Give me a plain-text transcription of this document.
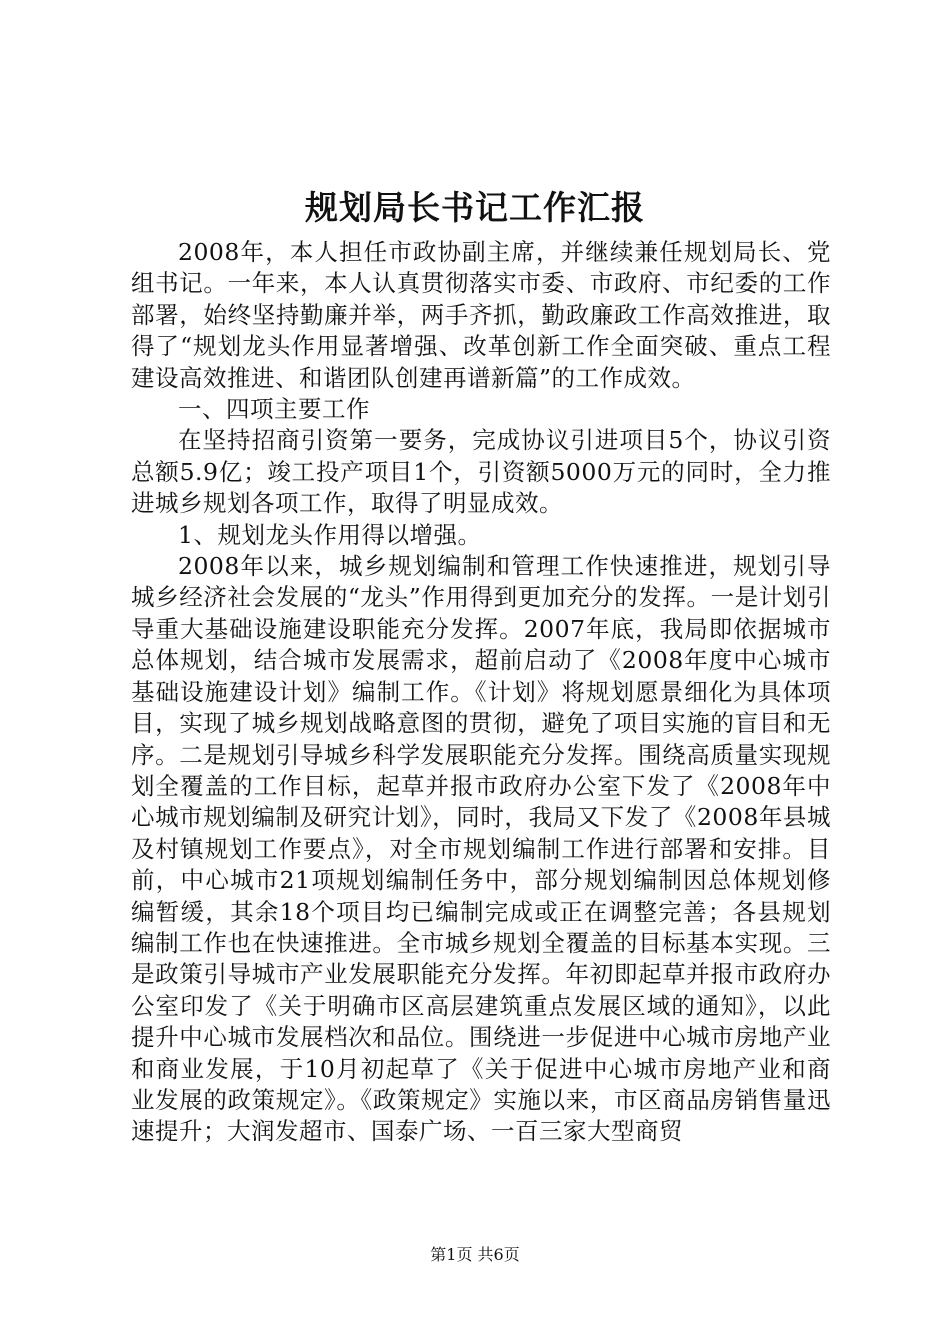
规划局长书记工作汇报

2008年，本人担任市政协副主席，并继续兼任规划局长、党组书记。一年来，本人认真贯彻落实市委、市政府、市纪委的工作部署，始终坚持勤廉并举，两手齐抓，勤政廉政工作高效推进，取得了“规划龙头作用显著增强、改革创新工作全面突破、重点工程建设高效推进、和谐团队创建再谱新篇”的工作成效。

一、四项主要工作

在坚持招商引资第一要务，完成协议引进项目5个，协议引资总额5.9亿；竣工投产项目1个，引资额5000万元的同时，全力推进城乡规划各项工作，取得了明显成效。

1、规划龙头作用得以增强。

2008年以来，城乡规划编制和管理工作快速推进，规划引导城乡经济社会发展的“龙头”作用得到更加充分的发挥。一是计划引导重大基础设施建设职能充分发挥。2007年底，我局即依据城市总体规划，结合城市发展需求，超前启动了《2008年度中心城市基础设施建设计划》编制工作。《计划》将规划愿景细化为具体项目，实现了城乡规划战略意图的贯彻，避免了项目实施的盲目和无序。二是规划引导城乡科学发展职能充分发挥。围绕高质量实现规划全覆盖的工作目标，起草并报市政府办公室下发了《2008年中心城市规划编制及研究计划》，同时，我局又下发了《2008年县城及村镇规划工作要点》，对全市规划编制工作进行部署和安排。目前，中心城市21项规划编制任务中，部分规划编制因总体规划修编暂缓，其余18个项目均已编制完成或正在调整完善；各县规划编制工作也在快速推进。全市城乡规划全覆盖的目标基本实现。三是政策引导城市产业发展职能充分发挥。年初即起草并报市政府办公室印发了《关于明确市区高层建筑重点发展区域的通知》，以此提升中心城市发展档次和品位。围绕进一步促进中心城市房地产业和商业发展，于10月初起草了《关于促进中心城市房地产业和商业发展的政策规定》。《政策规定》实施以来，市区商品房销售量迅速提升；大润发超市、国泰广场、一百三家大型商贸

第1页 共6页
